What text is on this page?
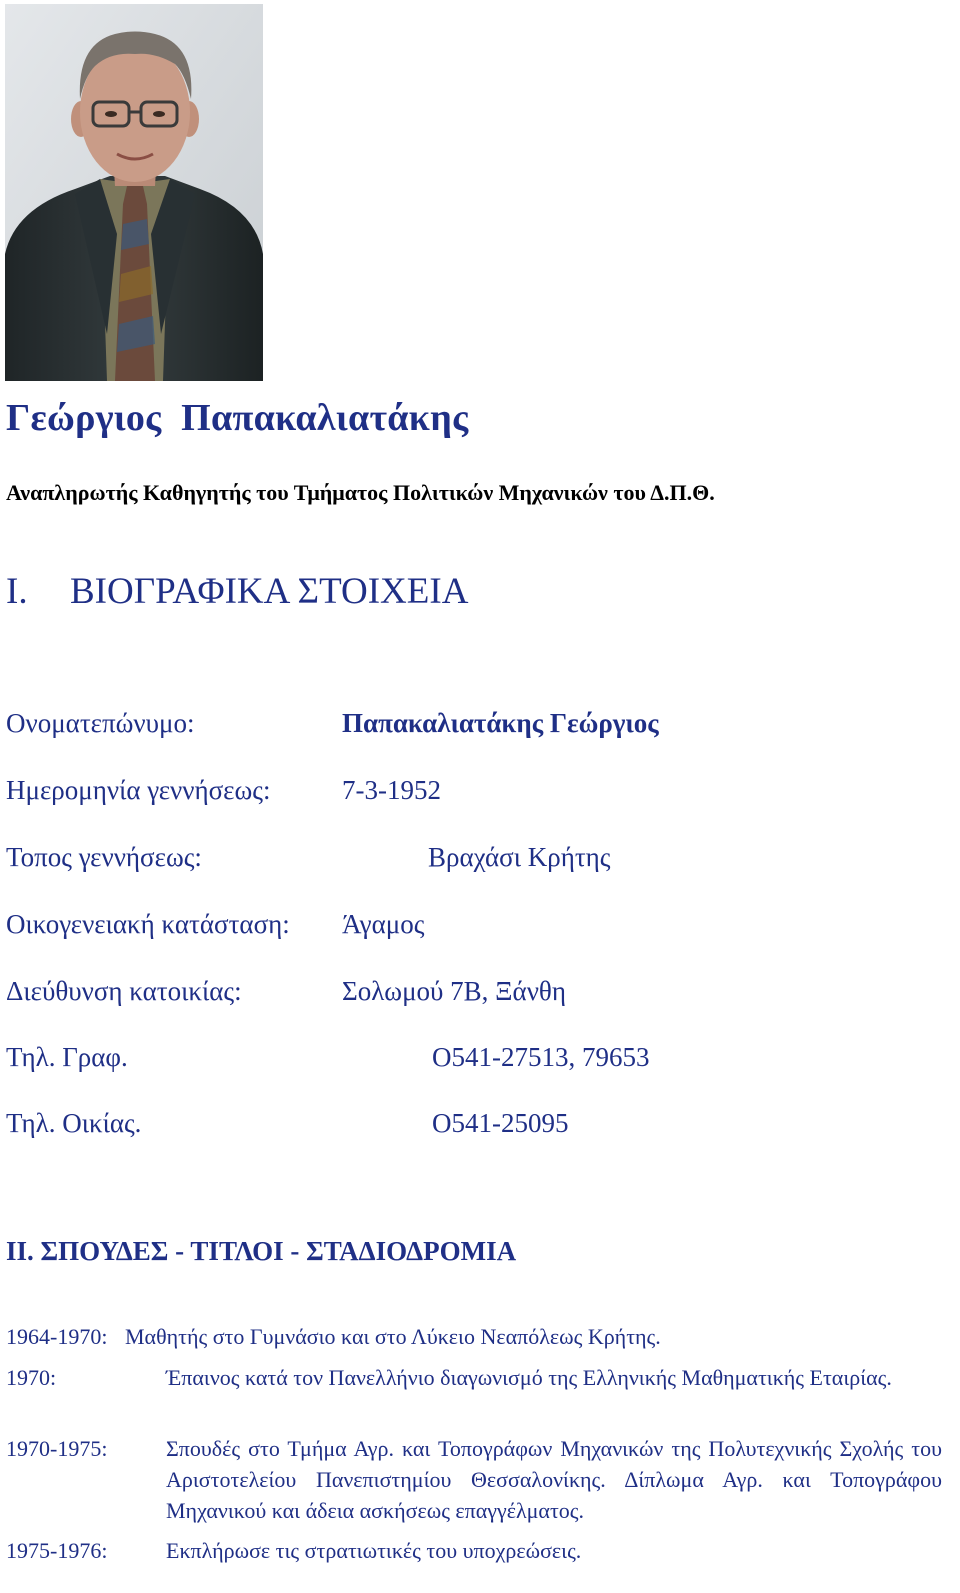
Γεώργιος  Παπακαλιατάκης
Αναπληρωτής Καθηγητής του Τμήματος Πολιτικών Μηχανικών του Δ.Π.Θ.
I. ΒΙΟΓΡΑΦΙΚΑ ΣΤΟΙΧΕΙΑ
Ονοματεπώνυμο:	Παπακαλιατάκης Γεώργιος
Ημερομηνία γεννήσεως:	7-3-1952
Τοπος γεννήσεως:	Βραχάσι Κρήτης
Οικογενειακή κατάσταση: Άγαμος
Διεύθυνση κατοικίας:	Σολωμού 7Β, Ξάνθη
Τηλ. Γραφ.	Ο541-27513, 79653
Τηλ. Οικίας.	Ο541-25095
II. ΣΠΟΥΔΕΣ - ΤΙΤΛΟΙ - ΣΤΑΔΙΟΔΡΟΜΙΑ
1964-1970: Μαθητής στο Γυμνάσιο και στο Λύκειο Νεαπόλεως Κρήτης.
1970:	Έπαινος κατά τον Πανελλήνιο διαγωνισμό της Ελληνικής Μαθηματικής Εταιρίας.
1970-1975:	Σπουδές στο Τμήμα Αγρ. και Τοπογράφων Μηχανικών της Πολυτεχνικής Σχολής του Αριστοτελείου Πανεπιστημίου Θεσσαλονίκης. Δίπλωμα Αγρ. και Τοπογράφου Μηχανικού και άδεια ασκήσεως επαγγέλματος.
1975-1976:	Εκπλήρωσε τις στρατιωτικές του υποχρεώσεις.
